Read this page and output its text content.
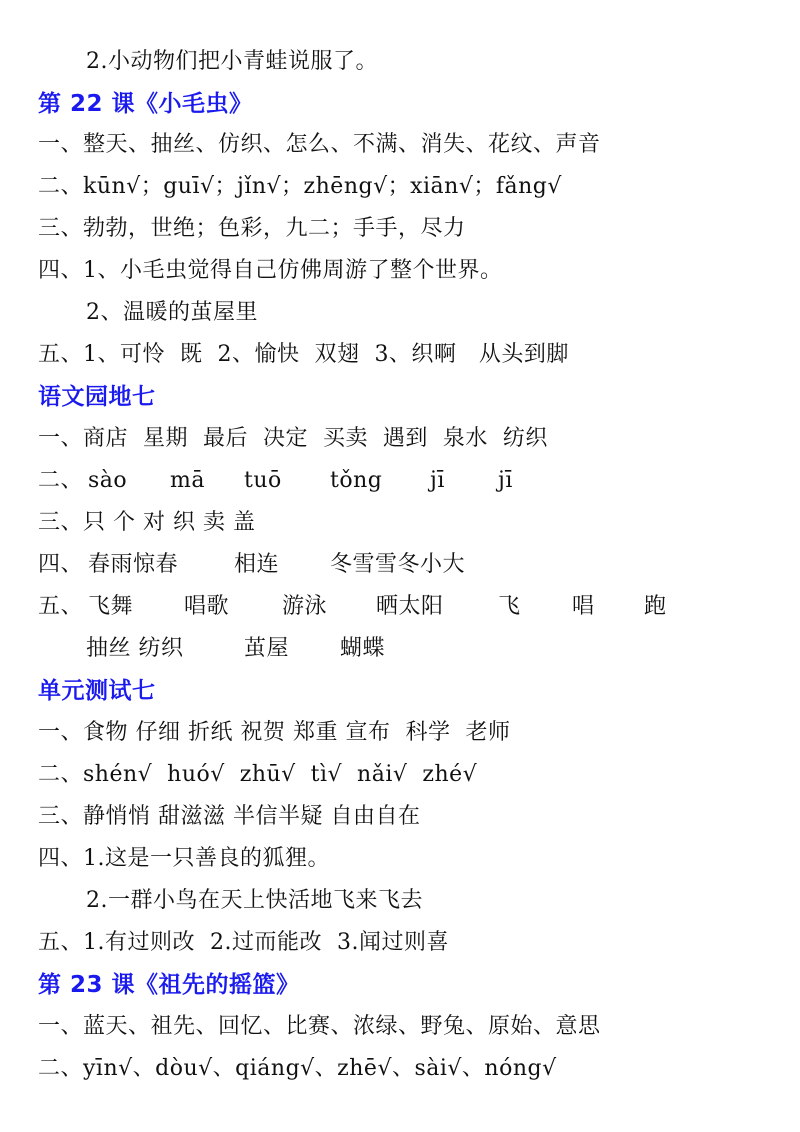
2.小动物们把小青蛙说服了。
第 22 课《小毛虫》
一、整天、抽丝、仿织、怎么、不满、消失、花纹、声音
二、kūn√；guī√；jǐn√；zhēng√；xiān√；fǎng√
三、勃勃，世绝；色彩，九二；手手，尽力
四、1、小毛虫觉得自己仿佛周游了整个世界。
2、温暖的茧屋里
五、1、可怜  既  2、愉快  双翅  3、织啊   从头到脚
语文园地七
一、商店  星期  最后  决定  买卖  遇到  泉水  纺织

二、

sào

mā

tuō

tǒng

jī

jī

三、只 个 对 织 卖 盖

四、

春雨惊春

	相连

冬雪雪冬小大

五、

飞舞

唱歌

游泳

晒太阳

飞

唱

跑

抽丝 纺织

	茧屋

蝴蝶

单元测试七
一、食物 仔细 折纸 祝贺 郑重 宣布  科学  老师
二、shén√  huó√  zhū√  tì√  nǎi√  zhé√
三、静悄悄 甜滋滋 半信半疑 自由自在
四、1.这是一只善良的狐狸。
2.一群小鸟在天上快活地飞来飞去
五、1.有过则改  2.过而能改  3.闻过则喜
第 23 课《祖先的摇篮》
一、蓝天、祖先、回忆、比赛、浓绿、野兔、原始、意思
二、yīn√、dòu√、qiáng√、zhē√、sài√、nóng√
